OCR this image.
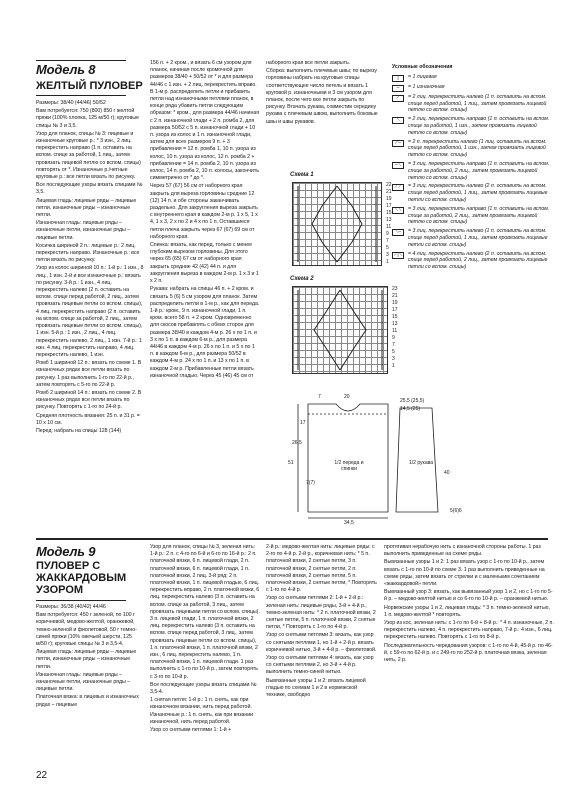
Модель 8
ЖЕЛТЫЙ ПУЛОВЕР

Размеры: 38/40 (44/46) 50/52

Вам потребуется: 750 (800) 850 г желтой пряжи (100% хлопка, 125 м/50 г); круговые спицы № 3 и 3,5.

Узор для планок, спицы № 3: лицевые и изнаночные круговые р.: * 3 изн., 2 лиц. перекрестить направо (1 п. оставить на вспом. спице за работой, 1 лиц., затем провязать лицевой петлю со вспом. спицы) повторять от *. Изнаночные р./четные круговые р.: все петли вязать по рисунку.

Все последующие узоры вязать спицами № 3,5.

Лицевая гладь: лицевые ряды – лицевые петли, изнаночные ряды – изнаночные петли.

Изнаночная гладь: лицевые ряды – изнаночные петли, изнаночные ряды – лицевые петли.

Косичка шириной 2 п.: лицевые р.: 2 лиц. перекрестить направо. Изнаночные р.: все петли вязать по рисунку.

Узор из колос шириной 10 п.: 1-й р.: 1 изн., 8 лиц., 1 изн. 2-й и все изнаночные р.: вязать по рисунку. 3-й р.: 1 изн., 4 лиц. перекрестить налево (2 п. оставить на вспом. спице перед работой, 2 лиц., затем провязать лицевые петли со вспом. спицы), 4 лиц. перекрестить направо (2 п. оставить на вспом. спице за работой, 2 лиц., затем провязать лицевые петли со вспом. спицы), 1 изн. 5-й р.: 1 изн., 2 лиц., 4 лиц. перекрестить налево, 2 лиц., 1 изн. 7-й р.: 1 изн. 4 лиц. перекрестить направо, 4 лиц. перекрестить налево, 1 изн.

Ромб 1 шириной 12 п.: вязать по схеме 1. В изнаночных рядах все петли вязать по рисунку. 1 раз выполнить 1-го по 22-й р., затем повторять с 5-го по 22-й р.

Ромб 2 шириной 14 п.: вязать по схеме 2. В изнаночных рядах все петли вязать по рисунку. Повторять с 1-го по 24-й р.

Средняя плотность вязания: 25 п. и 31 р. = 10 x 10 см.

Перед: набрать на спицы 128 (144)

156 п. + 2 кром., и вязать 6 см узором для планок, начиная после кромочной для размеров 38/40 + 50/52 от * и для размера 44/46 с 1 изн. + 2 лиц. перекрестить вправо. В 1-м р. распределить петли и прибавить петли над изнаночными петлями планок, в конце ряда убавить петли следующим образом: * кром., для размера 44/46 начиная с 2 п. изнаночной глади + 2 п. ромба 2, для размера 50/52 с 5 п. изнаночной глади + 10 п. узора из колос и 1 п. изнаночной глади, затем для всех размеров 9 п. + 3 прибавления = 12 п. ромба 1, 10 п. узора из колос, 10 п. узора из колос, 12 п. ромба 2 + прибавление = 14 п. ромба 2, 10 п. узора из колос, 14 п. ромба 2, 10 п. колосы, закончить симметрично от * до *.

Через 57 (67) 56 см от наборного края закрыть для выреза горловины средние 12 (12) 14 п. и обе стороны заканчивать раздельно. Для закругления выреза закрыть с внутреннего края в каждом 2-м р. 1 х 5, 1 х 4, 1 х 3, 2 х по 2 и 4 х по 1 п. Оставшиеся петли плеча закрыть через 67 (67) 69 см от наборного края.

Спинка: вязать, как перед, только с менее глубоким вырезом горловины. Для этого через 65 (65) 67 см от наборного края закрыть средние 42 (42) 44 п. и для закругления выреза в каждом 2-м р. 1 x 3 и 1 x 2 п.

Рукава: набрать на спицы 46 п. + 2 кром. и связать 5 (6) 5 см узором для планок. Затем распределить петли в 1-м р., как для переда. 1-й р.: кром., 9 п. изнаночной глади, 1 п. кром. всего 58 п. + 2 кром. Одновременно для скосов прибавлять с обеих сторон для размера 38/40 в каждом 4-м р. 26 x по 1 п. и 3 x по 1 п. в каждом 6-м р., для размера 44/46 в каждом 4-м р. 26 x по 1 п. и 5 x по 1 п. в каждом 6-м р., для размера 50/52 в каждом 4-м р. 24 x по 1 п. и 13 x по 1 п. в каждом 2-м р. Прибавленные петли вязать изнаночной гладью. Через 45 (46) 45 см от

наборного края все петли закрыть.

Сборка: выполнить плечевые швы; по вырезу горловины набрать на круговые спицы соответствующее число петель и вязать 1 круговой р. изнаночными и 3 см узором для планок, после чего все петли закрыть по рисунку. Втачать рукава, совместив середину рукава с плечевым швом, выполнить боковые швы и швы рукавов.

Схема 1
22
21
19
17
15
13
11
9
7
5
3
1
Схема 2
23
21
19
17
15
13
11
9
7
5
3
1
Условные обозначения
|	= 1 лицевая
–	= 1 изнаночная
⟋	= 2 лиц. перекрестить налево (1 п. оставить на вспом. спице перед работой, 1 лиц., затем провязать лицевой петлю со вспом. спицы)
⟍	= 2 лиц. перекрестить направо (1 п. оставить на вспом. спице за работой, 1 изн., затем провязать лицевой петлю со вспом. спицы)
⟋–	= 2 п. перекрестить налево (1 лиц. оставить на вспом. спице перед работой, 1 изн., затем провязать лицевой петлю со вспом. спицы)
–⟍	= 3 лиц. перекрестить направо (1 п. оставить на вспом. спице за работой, 2 лиц., затем провязать лицевой петлю со вспом. спицы)
⟋⟋	= 3 лиц. перекрестить налево (2 п. оставить на вспом. спице перед работой, 1 лиц., затем провязать лицевые петли со вспом. спицы)
⟍⟍	= 3 лиц. перекрестить направо (1 п. оставить на вспом. спице за работой, 2 лиц., затем провязать лицевой петлю со вспом. спицы)
⟍–	= 3 лиц. перекрестить налево (1 п. оставить на вспом. спице перед работой, 1 лиц., затем провязать лицевые петли со вспом. спицы)
⟋|⟍	= 4 лиц. перекрестить налево (2 п. оставить на вспом. спице перед работой, 2 лиц., затем провязать лицевые петли со вспом. спицы)
1/2 переда и спинки
1/2 рукава
7	20
51
26,5
34,5
25,5 (25,5)
14,5 (25)
40
5(6)6
7(7)
17
Модель 9
ПУЛОВЕР С ЖАККАРДОВЫМ УЗОРОМ

Размеры: 36/38 (40/42) 44/46

Вам потребуется: 450 г зеленой, по 100 г коричневой, медово-желтой, оранжевой, темно-зеленой и фиолетовой, 50 г темно-синей пряжи (10% овечьей шерсти, 125 м/50 г); круговые спицы № 3 и 3,5-4.

Лицевая гладь: лицевые ряды – лицевые петли, изнаночные ряды – изнаночные петли.

Изнаночная гладь: лицевые ряды – изнаночные петли, изнаночные ряды – лицевые петли.

Платочная вязка: в лицевых и изнаночных рядах – лицевые

Узор для планок, спицы № 3, зеленая нить: 1-й р.: 2 п. с 4-го по 6-й и 6-го по 16-й р.: 2 п. платочной вязки, 6 п. лицевой глади, 2 п. платочной вязки, 6 п. лицевой глади, 1 п. платочной вязки, 2 лиц. 3-й ряд: 2 п. платочной вязки, 1 п. лицевой гладью, 6 лиц. перекрестить вправо, 2 п. платочной вязки, 6 лиц. перекрестить налево (3 п. оставить на вспом. спице за работой, 3 лиц., затем провязать лицевыми петли со вспом. спицы). 3 п. лицевой глади, 1 п. платочной вязки, 2 лиц. перекрестить налево (3 п. оставить на вспом. спице перед работой, 3 лиц., затем провязать лицевые петли со вспом. спицы), 1 п. платочной вязки, 1 п. платочной вязки, 2 изн., 6 лиц. перекрестить налево, 1 п. платочной вязки, 1 п. лицевой глади. 1 раз выполнить с 1-го по 10-й р., затем повторять с 3-го по 10-й р.

Все последующие узоры вязать спицами № 3,5-4.

1 снятая петля: 1-й р.: 1 п. снять, как при изнаночном вязании, нить перед работой. Изнаночные р.: 1 п. снять, как при вязании изнаночной, нить перед работой.

Узор со снятыми петлями 1: 1-й +

2-й р.: медово-желтая нить: лицевые ряды: с 2-го по 4-й р. 2-й р., коричневая нить: * 5 п. платочной вязки, 2 снятые петли, 3 п. платочной вязки, 2 снятые петли, 2 п. платочной вязки, 2 снятые петли, 5 п. платочной вязки, 2 снятые петли, * Повторять с 1-го по 4-й р.

Узор со снятыми петлями 2: 1-й + 2-й р.: зеленая нить: лицевые ряды, 3-й + 4-й р., темно-зеленая нить: * 2 п. платочной вязки, 2 снятые петли, 5 п. платочной вязки, 2 снятые петли, * Повторять с 1-го по 4-й р.

Узор со снятыми петлями 3: вязать, как узор со снятыми петлями 1, но 1-й + 2-й р. вязать коричневой нитью, 3-й + 4-й р. – фиолетовой.

Узор со снятыми петлями 4: вязать, как узор со снятыми петлями 2, но 3-й + 4-й р. выполнить темно-синей нитью.

Вывязанные узоры 1 и 2: вязать лицевой гладью по схемам 1 и 2 в норвежской технике, свободно

протягивая нерабочую нить с изнаночной стороны работы. 1 раз выполнить приведенные на схеме ряды.

Вывязанные узоры 1 и 2: 1 раз вязать узор с 1-го по 10-й р., затем вязать с 1-го по 10-й по схеме 3. 1 раз выполнить приведенные на схеме ряды, затем вязать от стрелки и с маленьким сочетанием «жаккардовой» петли.

Вывязанный узор 3: вязать, как вывязанный узор 1 и 2, но с 1-го по 5-й р. – медово-желтой нитью и со 6-го по 10-й р. – оранжевой нитью.

Норвежские узоры 1 и 2, лицевая гладь: * 3 п. темно-зеленой нитью, 1 п. медово-желтой * повторять.

Узор из кос, зеленая нить: с 1-го по 6-й + 8-й р.: * 4 п. изнаночные, 2 п. перекрестить налево, 4 п. перекрестить направо, 7-й р.: 4 изн., 6 лиц. перекрестить налево. Повторять с 1-го по 8-й р.

Последовательность чередования узоров: с 1-го по 4-й, 45-й р. по 46-й, с 59-го по 62-й р. и с 249-го по 252-й р. платочная вязка, зеленая нить, 2 р.

22
